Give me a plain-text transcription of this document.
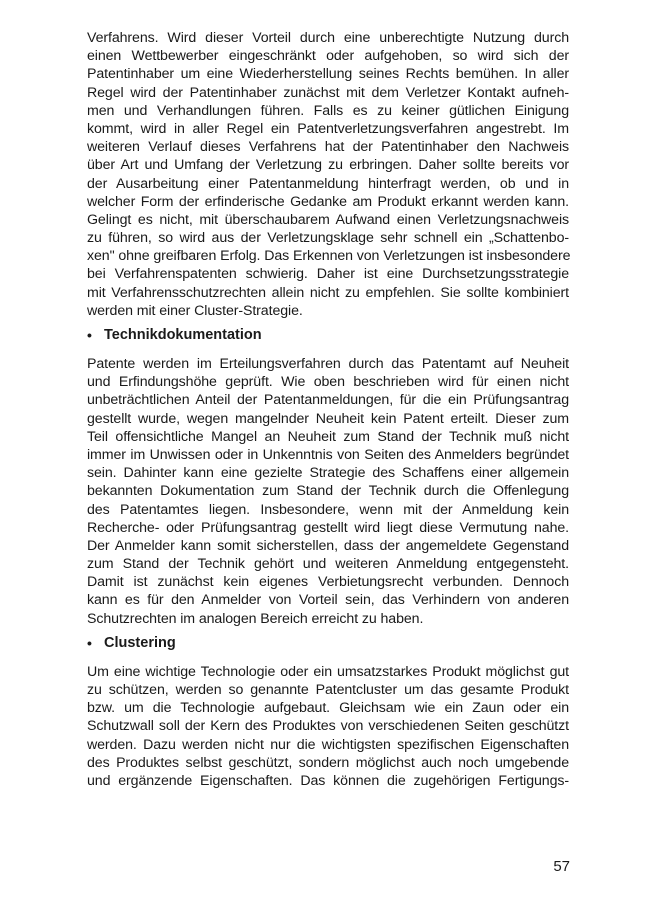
Verfahrens. Wird dieser Vorteil durch eine unberechtigte Nutzung durch
einen Wettbewerber eingeschränkt oder aufgehoben, so wird sich der
Patentinhaber um eine Wiederherstellung seines Rechts bemühen. In aller
Regel wird der Patentinhaber zunächst mit dem Verletzer Kontakt aufneh-
men und Verhandlungen führen. Falls es zu keiner gütlichen Einigung
kommt, wird in aller Regel ein Patentverletzungsverfahren angestrebt. Im
weiteren Verlauf dieses Verfahrens hat der Patentinhaber den Nachweis
über Art und Umfang der Verletzung zu erbringen. Daher sollte bereits vor
der Ausarbeitung einer Patentanmeldung hinterfragt werden, ob und in
welcher Form der erfinderische Gedanke am Produkt erkannt werden kann.
Gelingt es nicht, mit überschaubarem Aufwand einen Verletzungsnachweis
zu führen, so wird aus der Verletzungsklage sehr schnell ein „Schattenbo-
xen" ohne greifbaren Erfolg. Das Erkennen von Verletzungen ist insbesondere
bei Verfahrenspatenten schwierig. Daher ist eine Durchsetzungsstrategie
mit Verfahrensschutzrechten allein nicht zu empfehlen. Sie sollte kombiniert
werden mit einer Cluster-Strategie.
• Technikdokumentation
Patente werden im Erteilungsverfahren durch das Patentamt auf Neuheit
und Erfindungshöhe geprüft. Wie oben beschrieben wird für einen nicht
unbeträchtlichen Anteil der Patentanmeldungen, für die ein Prüfungsantrag
gestellt wurde, wegen mangelnder Neuheit kein Patent erteilt. Dieser zum
Teil offensichtliche Mangel an Neuheit zum Stand der Technik muß nicht
immer im Unwissen oder in Unkenntnis von Seiten des Anmelders begründet
sein. Dahinter kann eine gezielte Strategie des Schaffens einer allgemein
bekannten Dokumentation zum Stand der Technik durch die Offenlegung
des Patentamtes liegen. Insbesondere, wenn mit der Anmeldung kein
Recherche- oder Prüfungsantrag gestellt wird liegt diese Vermutung nahe.
Der Anmelder kann somit sicherstellen, dass der angemeldete Gegenstand
zum Stand der Technik gehört und weiteren Anmeldung entgegensteht.
Damit ist zunächst kein eigenes Verbietungsrecht verbunden. Dennoch
kann es für den Anmelder von Vorteil sein, das Verhindern von anderen
Schutzrechten im analogen Bereich erreicht zu haben.
• Clustering
Um eine wichtige Technologie oder ein umsatzstarkes Produkt möglichst gut
zu schützen, werden so genannte Patentcluster um das gesamte Produkt
bzw. um die Technologie aufgebaut. Gleichsam wie ein Zaun oder ein
Schutzwall soll der Kern des Produktes von verschiedenen Seiten geschützt
werden. Dazu werden nicht nur die wichtigsten spezifischen Eigenschaften
des Produktes selbst geschützt, sondern möglichst auch noch umgebende
und ergänzende Eigenschaften. Das können die zugehörigen Fertigungs-
57
